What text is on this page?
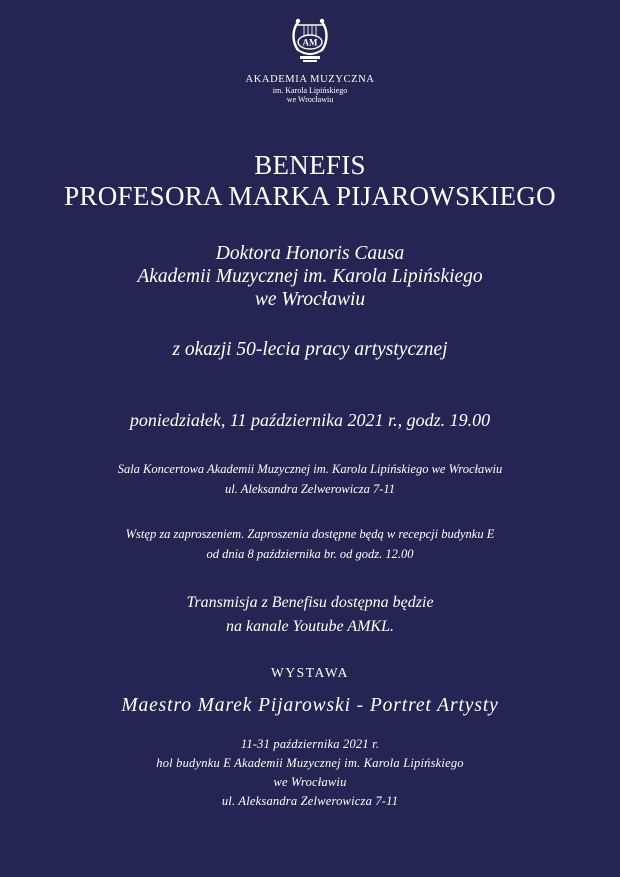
AM
AKADEMIA MUZYCZNA
im. Karola Lipińskiego
we Wrocławiu
BENEFIS
PROFESORA MARKA PIJAROWSKIEGO
Doktora Honoris Causa
Akademii Muzycznej im. Karola Lipińskiego
we Wrocławiu
z okazji 50-lecia pracy artystycznej
poniedziałek, 11 października 2021 r., godz. 19.00
Sala Koncertowa Akademii Muzycznej im. Karola Lipińskiego we Wrocławiu
ul. Aleksandra Zelwerowicza 7-11
Wstęp za zaproszeniem. Zaproszenia dostępne będą w recepcji budynku E
od dnia 8 października br. od godz. 12.00
Transmisja z Benefisu dostępna będzie
na kanale Youtube AMKL.
WYSTAWA
Maestro Marek Pijarowski - Portret Artysty
11-31 października 2021 r.
hol budynku E Akademii Muzycznej im. Karola Lipińskiego
we Wrocławiu
ul. Aleksandra Zelwerowicza 7-11
